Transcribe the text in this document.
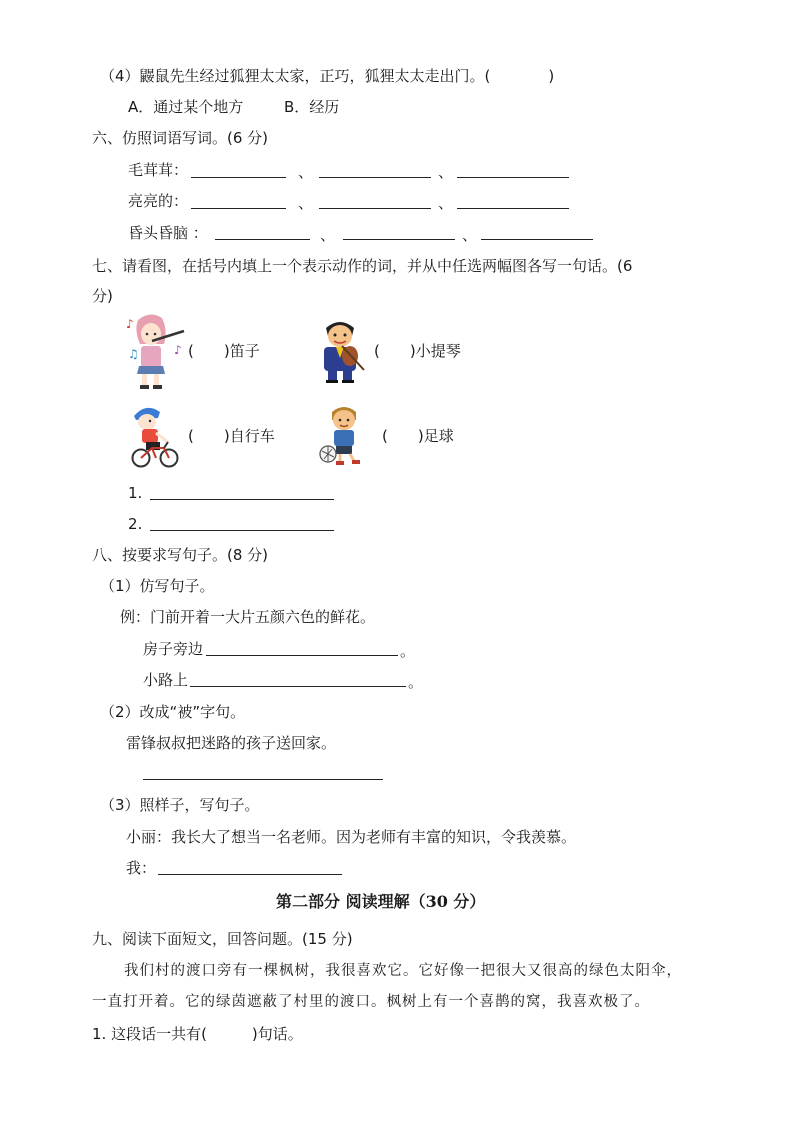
（4）鼹鼠先生经过狐狸太太家，正巧，狐狸太太走出门。(	)
A．通过某个地方	B．经历
六、仿照词语写词。(6 分)
毛茸茸：	、	、
亮亮的：	、	、
昏头昏脑 ：	、	、
七、请看图，在括号内填上一个表示动作的词，并从中任选两幅图各写一句话。(6
分)
♪
♫	♪ (　　)笛子	(　　)小提琴
(　　)自行车	(　　)足球
1.
2.
八、按要求写句子。(8 分)
（1）仿写句子。
例：门前开着一大片五颜六色的鲜花。
房子旁边	。
小路上	。
（2）改成“被”字句。
雷锋叔叔把迷路的孩子送回家。
（3）照样子，写句子。
小丽：我长大了想当一名老师。因为老师有丰富的知识，令我羡慕。
我：
第二部分 阅读理解（30 分）
九、阅读下面短文，回答问题。(15 分)
我们村的渡口旁有一棵枫树，我很喜欢它。它好像一把很大又很高的绿色太阳伞，
一直打开着。它的绿茵遮蔽了村里的渡口。枫树上有一个喜鹊的窝，我喜欢极了。
1. 这段话一共有(　　　)句话。
